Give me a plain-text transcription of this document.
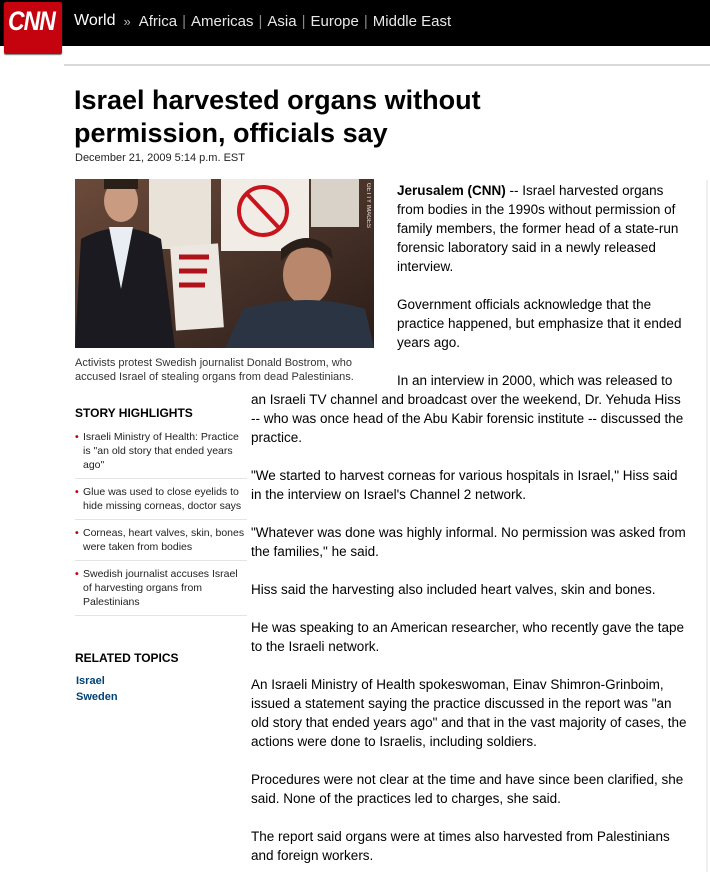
CNN World » Africa | Americas | Asia | Europe | Middle East
Israel harvested organs without permission, officials say
December 21, 2009 5:14 p.m. EST
GETTY IMAGES
Activists protest Swedish journalist Donald Bostrom, who accused Israel of stealing organs from dead Palestinians.
STORY HIGHLIGHTS
• Israeli Ministry of Health: Practice is "an old story that ended years ago"
• Glue was used to close eyelids to hide missing corneas, doctor says
• Corneas, heart valves, skin, bones were taken from bodies
• Swedish journalist accuses Israel of harvesting organs from Palestinians
RELATED TOPICS
Israel
Sweden

Jerusalem (CNN) -- Israel harvested organs from bodies in the 1990s without permission of family members, the former head of a state-run forensic laboratory said in a newly released interview.

Government officials acknowledge that the practice happened, but emphasize that it ended years ago.

In an interview in 2000, which was released to an Israeli TV channel and broadcast over the weekend, Dr. Yehuda Hiss -- who was once head of the Abu Kabir forensic institute -- discussed the practice.

"We started to harvest corneas for various hospitals in Israel," Hiss said in the interview on Israel's Channel 2 network.

"Whatever was done was highly informal. No permission was asked from the families," he said.

Hiss said the harvesting also included heart valves, skin and bones.

He was speaking to an American researcher, who recently gave the tape to the Israeli network.

An Israeli Ministry of Health spokeswoman, Einav Shimron-Grinboim, issued a statement saying the practice discussed in the report was "an old story that ended years ago" and that in the vast majority of cases, the actions were done to Israelis, including soldiers.

Procedures were not clear at the time and have since been clarified, she said. None of the practices led to charges, she said.

The report said organs were at times also harvested from Palestinians and foreign workers.
